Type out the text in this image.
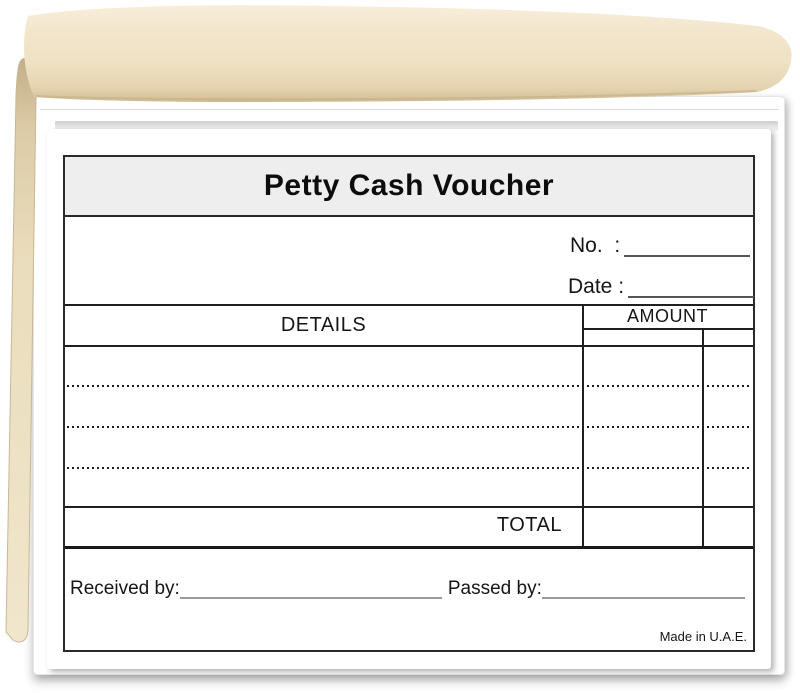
Petty Cash Voucher
No.  :
Date :
DETAILS	AMOUNT
TOTAL
Received by:	Passed by:
Made in U.A.E.
